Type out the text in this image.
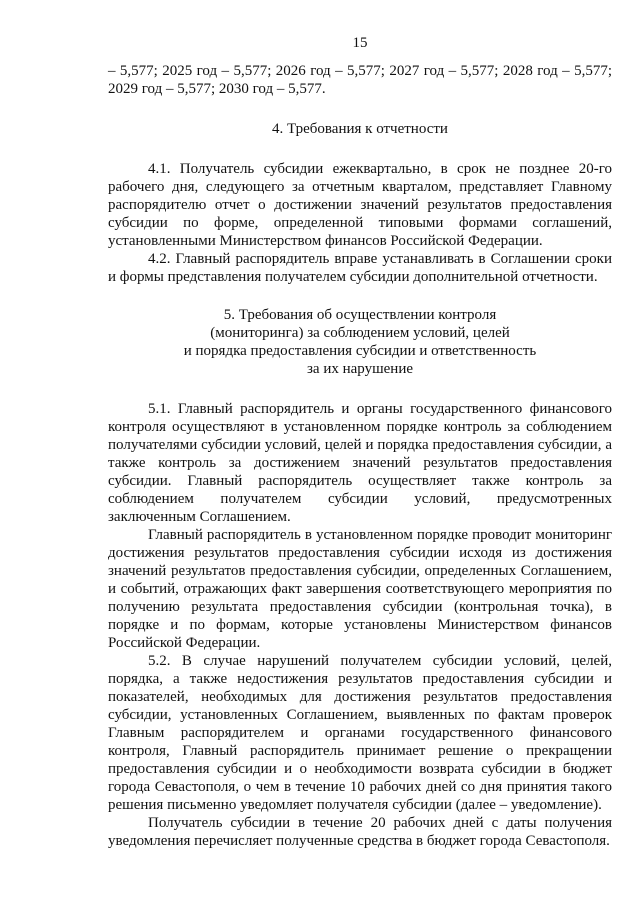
15

– 5,577; 2025 год – 5,577; 2026 год – 5,577; 2027 год – 5,577; 2028 год – 5,577; 2029 год – 5,577; 2030 год – 5,577.

4. Требования к отчетности

4.1. Получатель субсидии ежеквартально, в срок не позднее 20-го рабочего дня, следующего за отчетным кварталом, представляет Главному распорядителю отчет о достижении значений результатов предоставления субсидии по форме, определенной типовыми формами соглашений, установленными Министерством финансов Российской Федерации.

4.2. Главный распорядитель вправе устанавливать в Соглашении сроки и формы представления получателем субсидии дополнительной отчетности.

5. Требования об осуществлении контроля
(мониторинга) за соблюдением условий, целей
и порядка предоставления субсидии и ответственность
за их нарушение

5.1. Главный распорядитель и органы государственного финансового контроля осуществляют в установленном порядке контроль за соблюдением получателями субсидии условий, целей и порядка предоставления субсидии, а также контроль за достижением значений результатов предоставления субсидии. Главный распорядитель осуществляет также контроль за соблюдением получателем субсидии условий, предусмотренных заключенным Соглашением.

Главный распорядитель в установленном порядке проводит мониторинг достижения результатов предоставления субсидии исходя из достижения значений результатов предоставления субсидии, определенных Соглашением, и событий, отражающих факт завершения соответствующего мероприятия по получению результата предоставления субсидии (контрольная точка), в порядке и по формам, которые установлены Министерством финансов Российской Федерации.

5.2. В случае нарушений получателем субсидии условий, целей, порядка, а также недостижения результатов предоставления субсидии и показателей, необходимых для достижения результатов предоставления субсидии, установленных Соглашением, выявленных по фактам проверок Главным распорядителем и органами государственного финансового контроля, Главный распорядитель принимает решение о прекращении предоставления субсидии и о необходимости возврата субсидии в бюджет города Севастополя, о чем в течение 10 рабочих дней со дня принятия такого решения письменно уведомляет получателя субсидии (далее – уведомление).

Получатель субсидии в течение 20 рабочих дней с даты получения уведомления перечисляет полученные средства в бюджет города Севастополя.
